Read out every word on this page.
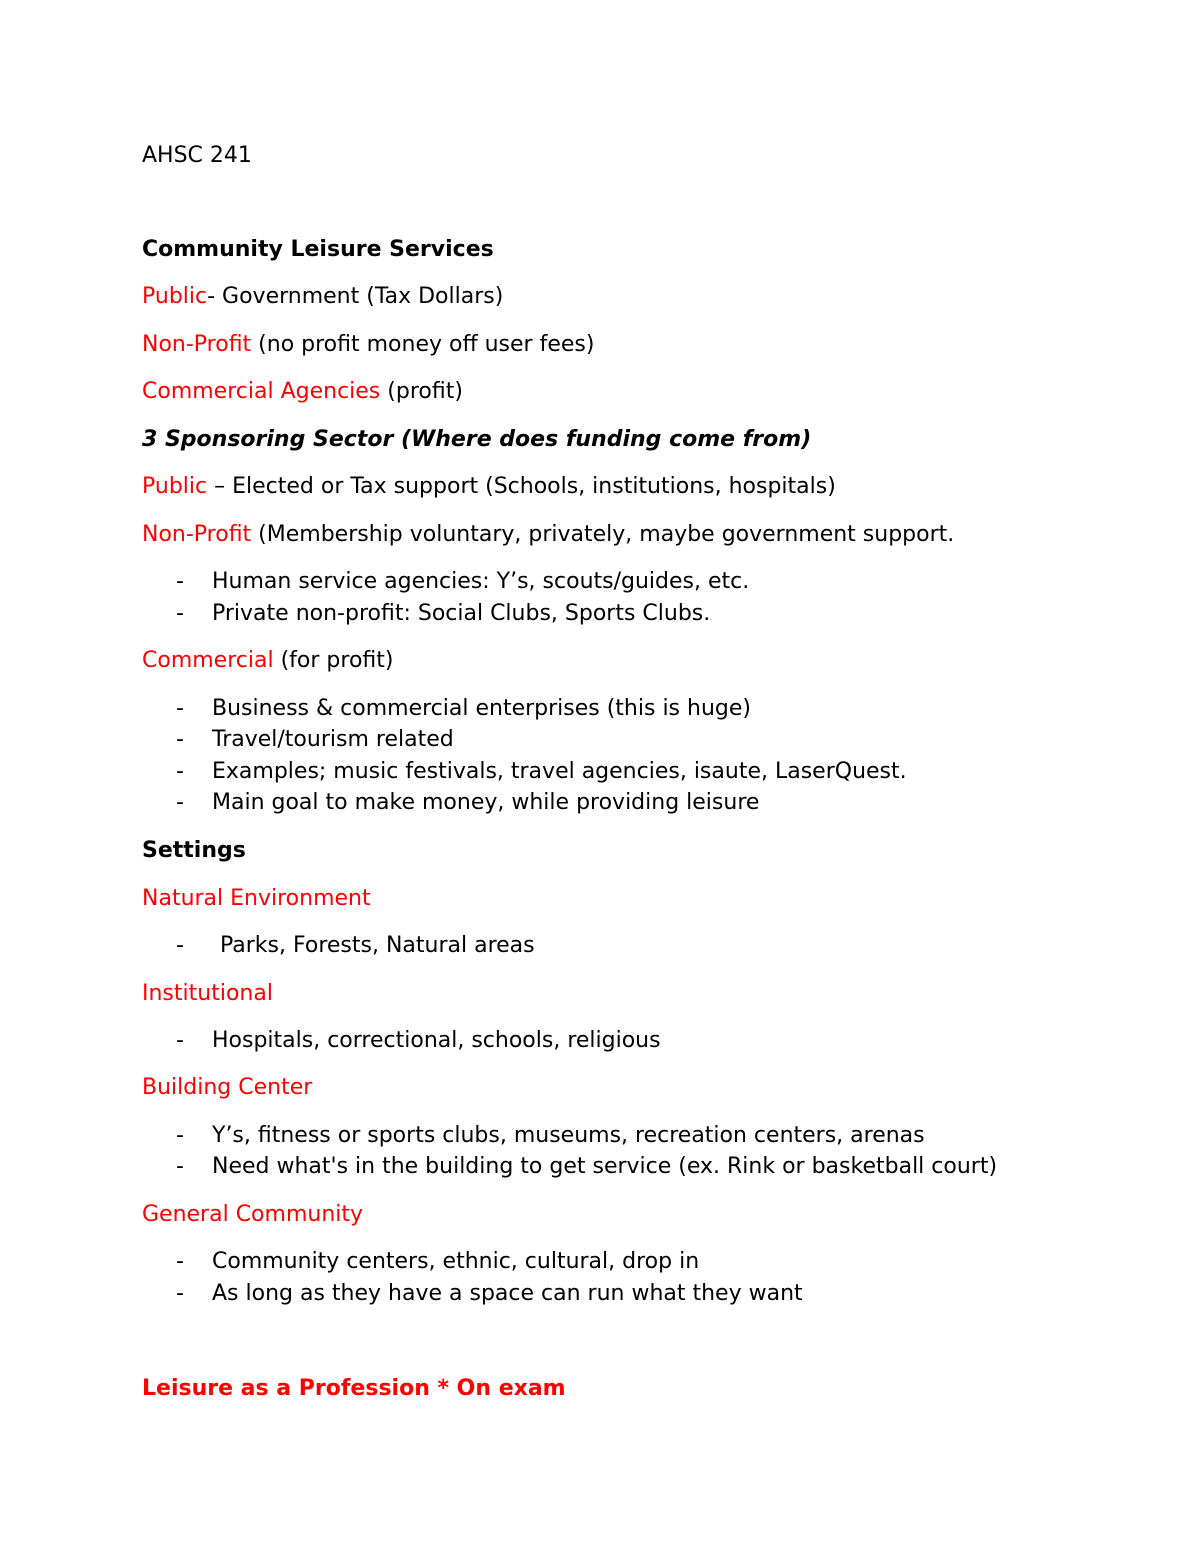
AHSC 241
Community Leisure Services
Public- Government (Tax Dollars)
Non-Profit (no profit money off user fees)
Commercial Agencies (profit)
3 Sponsoring Sector (Where does funding come from)
Public – Elected or Tax support (Schools, institutions, hospitals)
Non-Profit (Membership voluntary, privately, maybe government support.
- Human service agencies: Y’s, scouts/guides, etc.
- Private non-profit: Social Clubs, Sports Clubs.
Commercial (for profit)
- Business & commercial enterprises (this is huge)
- Travel/tourism related
- Examples; music festivals, travel agencies, isaute, LaserQuest.
- Main goal to make money, while providing leisure
Settings
Natural Environment
- Parks, Forests, Natural areas
Institutional
- Hospitals, correctional, schools, religious
Building Center
- Y’s, fitness or sports clubs, museums, recreation centers, arenas
- Need what's in the building to get service (ex. Rink or basketball court)
General Community
- Community centers, ethnic, cultural, drop in
- As long as they have a space can run what they want
Leisure as a Profession * On exam
